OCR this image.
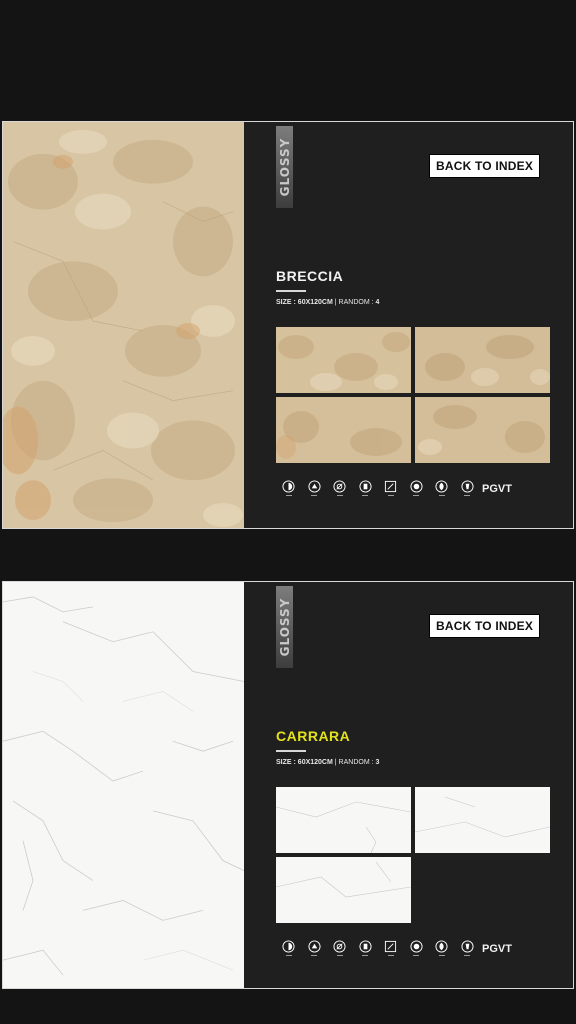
GLOSSY	BACK TO INDEX
BRECCIA
SIZE : 60X120CM | RANDOM : 4
PGVT
GLOSSY	BACK TO INDEX
CARRARA
SIZE : 60X120CM | RANDOM : 3
PGVT
